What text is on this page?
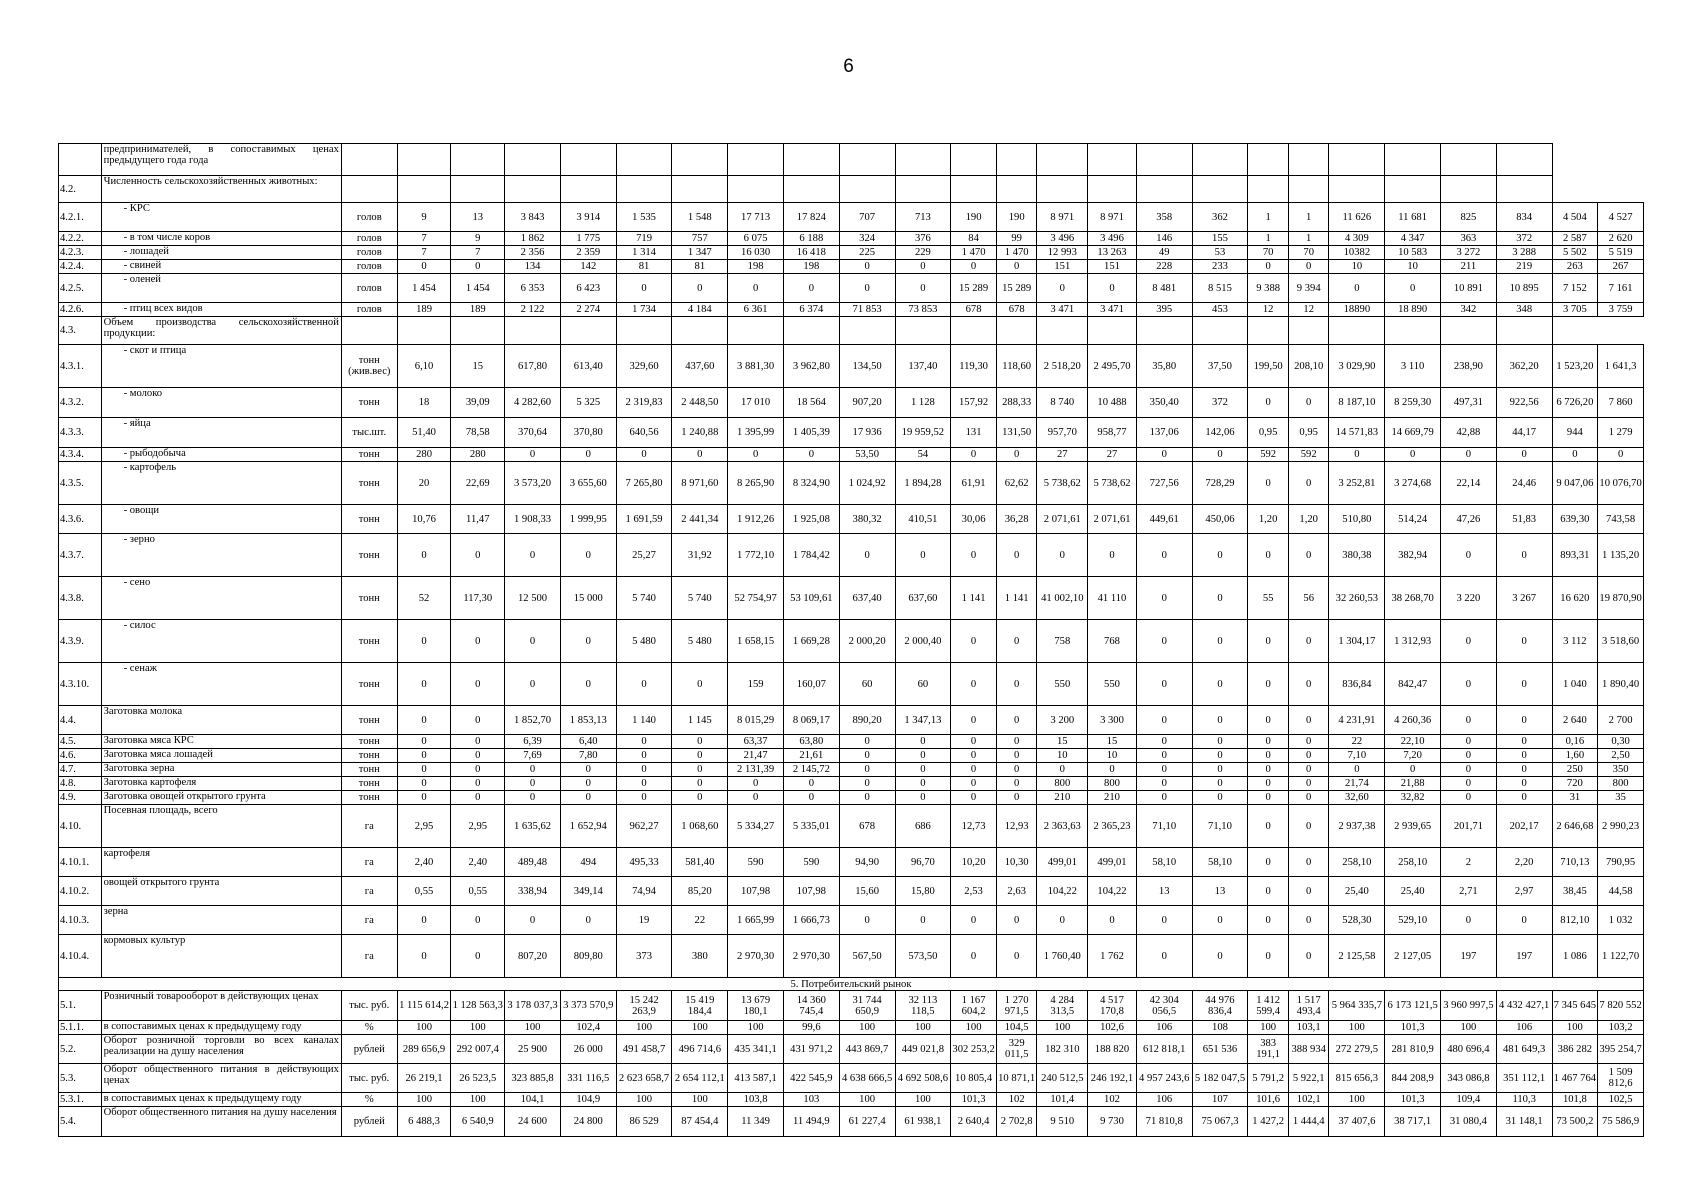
6
	предпринимателей, в сопоставимых ценах предыдущего года года																									
4.2.	Численность сельскохозяйственных животных:																									
4.2.1.	- КРС	голов	9	13	3 843	3 914	1 535	1 548	17 713	17 824	707	713	190	190	8 971	8 971	358	362	1	1	11 626	11 681	825	834	4 504	4 527
4.2.2.	- в том числе коров	голов	7	9	1 862	1 775	719	757	6 075	6 188	324	376	84	99	3 496	3 496	146	155	1	1	4 309	4 347	363	372	2 587	2 620
4.2.3.	- лошадей	голов	7	7	2 356	2 359	1 314	1 347	16 030	16 418	225	229	1 470	1 470	12 993	13 263	49	53	70	70	10382	10 583	3 272	3 288	5 502	5 519
4.2.4.	- свиней	голов	0	0	134	142	81	81	198	198	0	0	0	0	151	151	228	233	0	0	10	10	211	219	263	267
4.2.5.	- оленей	голов	1 454	1 454	6 353	6 423	0	0	0	0	0	0	15 289	15 289	0	0	8 481	8 515	9 388	9 394	0	0	10 891	10 895	7 152	7 161
4.2.6.	- птиц всех видов	голов	189	189	2 122	2 274	1 734	4 184	6 361	6 374	71 853	73 853	678	678	3 471	3 471	395	453	12	12	18890	18 890	342	348	3 705	3 759
4.3.	Объем производства сельскохозяйственной продукции:																									
4.3.1.	- скот и птица	тонн (жив.вес)	6,10	15	617,80	613,40	329,60	437,60	3 881,30	3 962,80	134,50	137,40	119,30	118,60	2 518,20	2 495,70	35,80	37,50	199,50	208,10	3 029,90	3 110	238,90	362,20	1 523,20	1 641,3
4.3.2.	- молоко	тонн	18	39,09	4 282,60	5 325	2 319,83	2 448,50	17 010	18 564	907,20	1 128	157,92	288,33	8 740	10 488	350,40	372	0	0	8 187,10	8 259,30	497,31	922,56	6 726,20	7 860
4.3.3.	- яйца	тыс.шт.	51,40	78,58	370,64	370,80	640,56	1 240,88	1 395,99	1 405,39	17 936	19 959,52	131	131,50	957,70	958,77	137,06	142,06	0,95	0,95	14 571,83	14 669,79	42,88	44,17	944	1 279
4.3.4.	- рыбодобыча	тонн	280	280	0	0	0	0	0	0	53,50	54	0	0	27	27	0	0	592	592	0	0	0	0	0	0
4.3.5.	- картофель	тонн	20	22,69	3 573,20	3 655,60	7 265,80	8 971,60	8 265,90	8 324,90	1 024,92	1 894,28	61,91	62,62	5 738,62	5 738,62	727,56	728,29	0	0	3 252,81	3 274,68	22,14	24,46	9 047,06	10 076,70
4.3.6.	- овощи	тонн	10,76	11,47	1 908,33	1 999,95	1 691,59	2 441,34	1 912,26	1 925,08	380,32	410,51	30,06	36,28	2 071,61	2 071,61	449,61	450,06	1,20	1,20	510,80	514,24	47,26	51,83	639,30	743,58
4.3.7.	- зерно	тонн	0	0	0	0	25,27	31,92	1 772,10	1 784,42	0	0	0	0	0	0	0	0	0	0	380,38	382,94	0	0	893,31	1 135,20
4.3.8.	- сено	тонн	52	117,30	12 500	15 000	5 740	5 740	52 754,97	53 109,61	637,40	637,60	1 141	1 141	41 002,10	41 110	0	0	55	56	32 260,53	38 268,70	3 220	3 267	16 620	19 870,90
4.3.9.	- силос	тонн	0	0	0	0	5 480	5 480	1 658,15	1 669,28	2 000,20	2 000,40	0	0	758	768	0	0	0	0	1 304,17	1 312,93	0	0	3 112	3 518,60
4.3.10.	- сенаж	тонн	0	0	0	0	0	0	159	160,07	60	60	0	0	550	550	0	0	0	0	836,84	842,47	0	0	1 040	1 890,40
4.4.	Заготовка молока	тонн	0	0	1 852,70	1 853,13	1 140	1 145	8 015,29	8 069,17	890,20	1 347,13	0	0	3 200	3 300	0	0	0	0	4 231,91	4 260,36	0	0	2 640	2 700
4.5.	Заготовка мяса КРС	тонн	0	0	6,39	6,40	0	0	63,37	63,80	0	0	0	0	15	15	0	0	0	0	22	22,10	0	0	0,16	0,30
4.6.	Заготовка мяса лошадей	тонн	0	0	7,69	7,80	0	0	21,47	21,61	0	0	0	0	10	10	0	0	0	0	7,10	7,20	0	0	1,60	2,50
4.7.	Заготовка зерна	тонн	0	0	0	0	0	0	2 131,39	2 145,72	0	0	0	0	0	0	0	0	0	0	0	0	0	0	250	350
4.8.	Заготовка картофеля	тонн	0	0	0	0	0	0	0	0	0	0	0	0	800	800	0	0	0	0	21,74	21,88	0	0	720	800
4.9.	Заготовка овощей открытого грунта	тонн	0	0	0	0	0	0	0	0	0	0	0	0	210	210	0	0	0	0	32,60	32,82	0	0	31	35
4.10.	Посевная площадь, всего	га	2,95	2,95	1 635,62	1 652,94	962,27	1 068,60	5 334,27	5 335,01	678	686	12,73	12,93	2 363,63	2 365,23	71,10	71,10	0	0	2 937,38	2 939,65	201,71	202,17	2 646,68	2 990,23
4.10.1.	картофеля	га	2,40	2,40	489,48	494	495,33	581,40	590	590	94,90	96,70	10,20	10,30	499,01	499,01	58,10	58,10	0	0	258,10	258,10	2	2,20	710,13	790,95
4.10.2.	овощей открытого грунта	га	0,55	0,55	338,94	349,14	74,94	85,20	107,98	107,98	15,60	15,80	2,53	2,63	104,22	104,22	13	13	0	0	25,40	25,40	2,71	2,97	38,45	44,58
4.10.3.	зерна	га	0	0	0	0	19	22	1 665,99	1 666,73	0	0	0	0	0	0	0	0	0	0	528,30	529,10	0	0	812,10	1 032
4.10.4.	кормовых культур	га	0	0	807,20	809,80	373	380	2 970,30	2 970,30	567,50	573,50	0	0	1 760,40	1 762	0	0	0	0	2 125,58	2 127,05	197	197	1 086	1 122,70
5. Потребительский рынок																										
5.1.	Розничный товарооборот в действующих ценах	тыс. руб.	1 115 614,2	1 128 563,3	3 178 037,3	3 373 570,9	15 242 263,9	15 419 184,4	13 679 180,1	14 360 745,4	31 744 650,9	32 113 118,5	1 167 604,2	1 270 971,5	4 284 313,5	4 517 170,8	42 304 056,5	44 976 836,4	1 412 599,4	1 517 493,4	5 964 335,7	6 173 121,5	3 960 997,5	4 432 427,1	7 345 645	7 820 552
5.1.1.	в сопоставимых ценах к предыдущему году	%	100	100	100	102,4	100	100	100	99,6	100	100	100	104,5	100	102,6	106	108	100	103,1	100	101,3	100	106	100	103,2
5.2.	Оборот розничной торговли во всех каналах реализации на душу населения	рублей	289 656,9	292 007,4	25 900	26 000	491 458,7	496 714,6	435 341,1	431 971,2	443 869,7	449 021,8	302 253,2	329 011,5	182 310	188 820	612 818,1	651 536	383 191,1	388 934	272 279,5	281 810,9	480 696,4	481 649,3	386 282	395 254,7
5.3.	Оборот общественного питания в действующих ценах	тыс. руб.	26 219,1	26 523,5	323 885,8	331 116,5	2 623 658,7	2 654 112,1	413 587,1	422 545,9	4 638 666,5	4 692 508,6	10 805,4	10 871,1	240 512,5	246 192,1	4 957 243,6	5 182 047,5	5 791,2	5 922,1	815 656,3	844 208,9	343 086,8	351 112,1	1 467 764	1 509 812,6
5.3.1.	в сопоставимых ценах к предыдущему году	%	100	100	104,1	104,9	100	100	103,8	103	100	100	101,3	102	101,4	102	106	107	101,6	102,1	100	101,3	109,4	110,3	101,8	102,5
5.4.	Оборот общественного питания на душу населения	рублей	6 488,3	6 540,9	24 600	24 800	86 529	87 454,4	11 349	11 494,9	61 227,4	61 938,1	2 640,4	2 702,8	9 510	9 730	71 810,8	75 067,3	1 427,2	1 444,4	37 407,6	38 717,1	31 080,4	31 148,1	73 500,2	75 586,9
